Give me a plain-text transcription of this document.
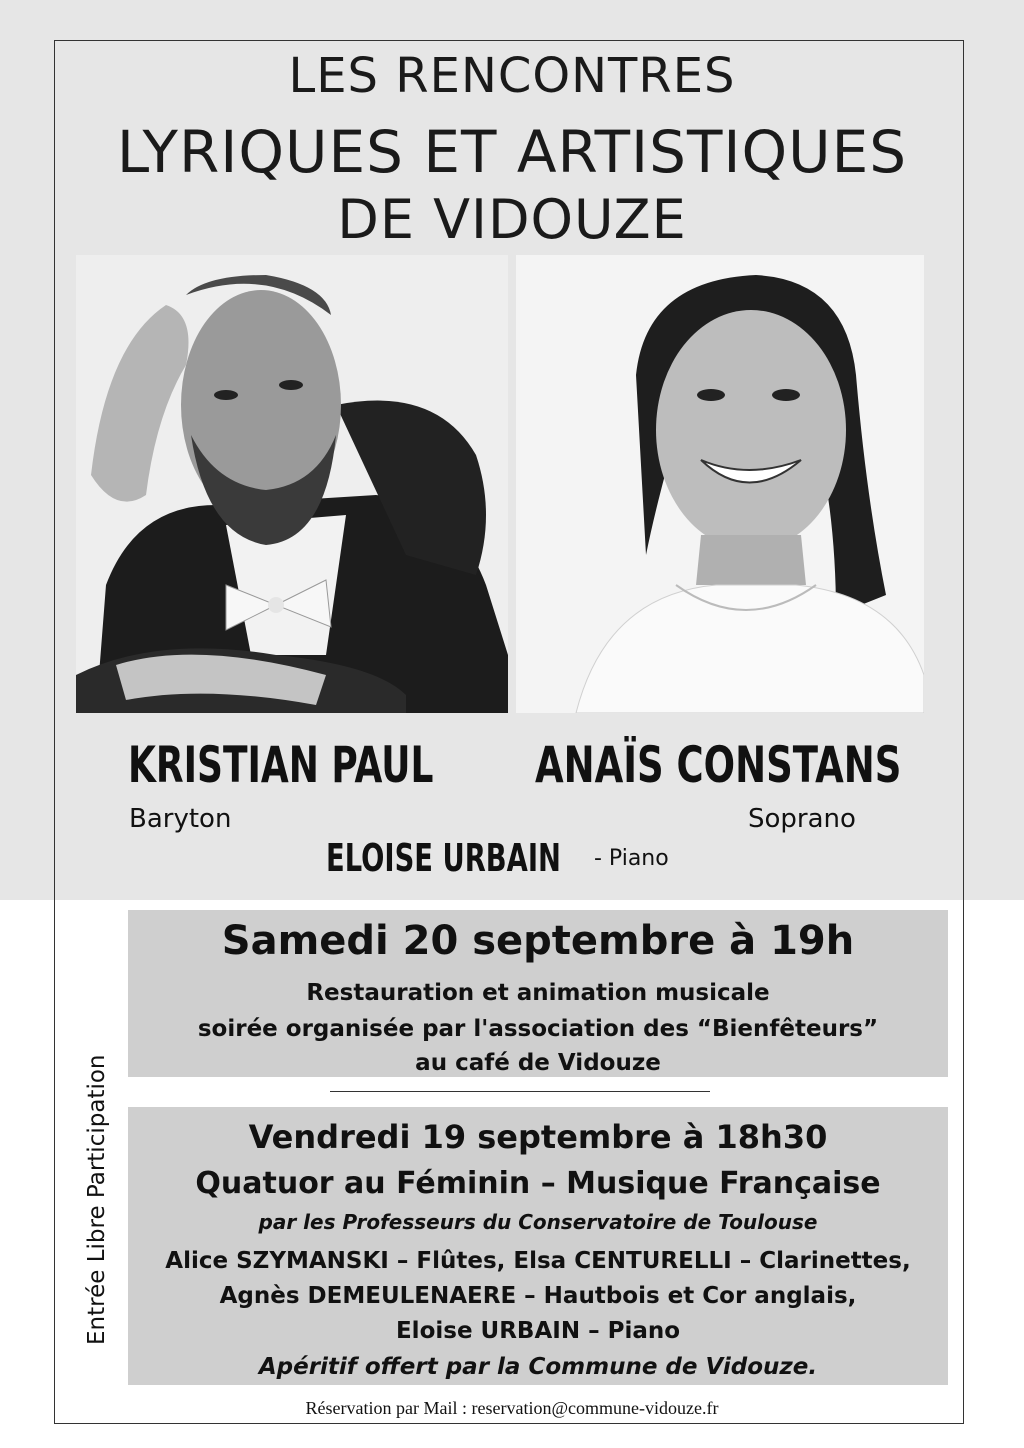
LES RENCONTRES
LYRIQUES ET ARTISTIQUES
DE VIDOUZE
KRISTIAN PAUL ANAÏS CONSTANS
Baryton	Soprano
ELOISE URBAIN - Piano
Samedi 20 septembre à 19h
Restauration et animation musicale
soirée organisée par l'association des “Bienfêteurs”
au café de Vidouze
Vendredi 19 septembre à 18h30
Quatuor au Féminin – Musique Française
par les Professeurs du Conservatoire de Toulouse
Alice SZYMANSKI – Flûtes, Elsa CENTURELLI – Clarinettes,
Agnès DEMEULENAERE – Hautbois et Cor anglais,
Eloise URBAIN – Piano
Apéritif offert par la Commune de Vidouze.
Entrée Libre Participation
Réservation par Mail : reservation@commune-vidouze.fr
